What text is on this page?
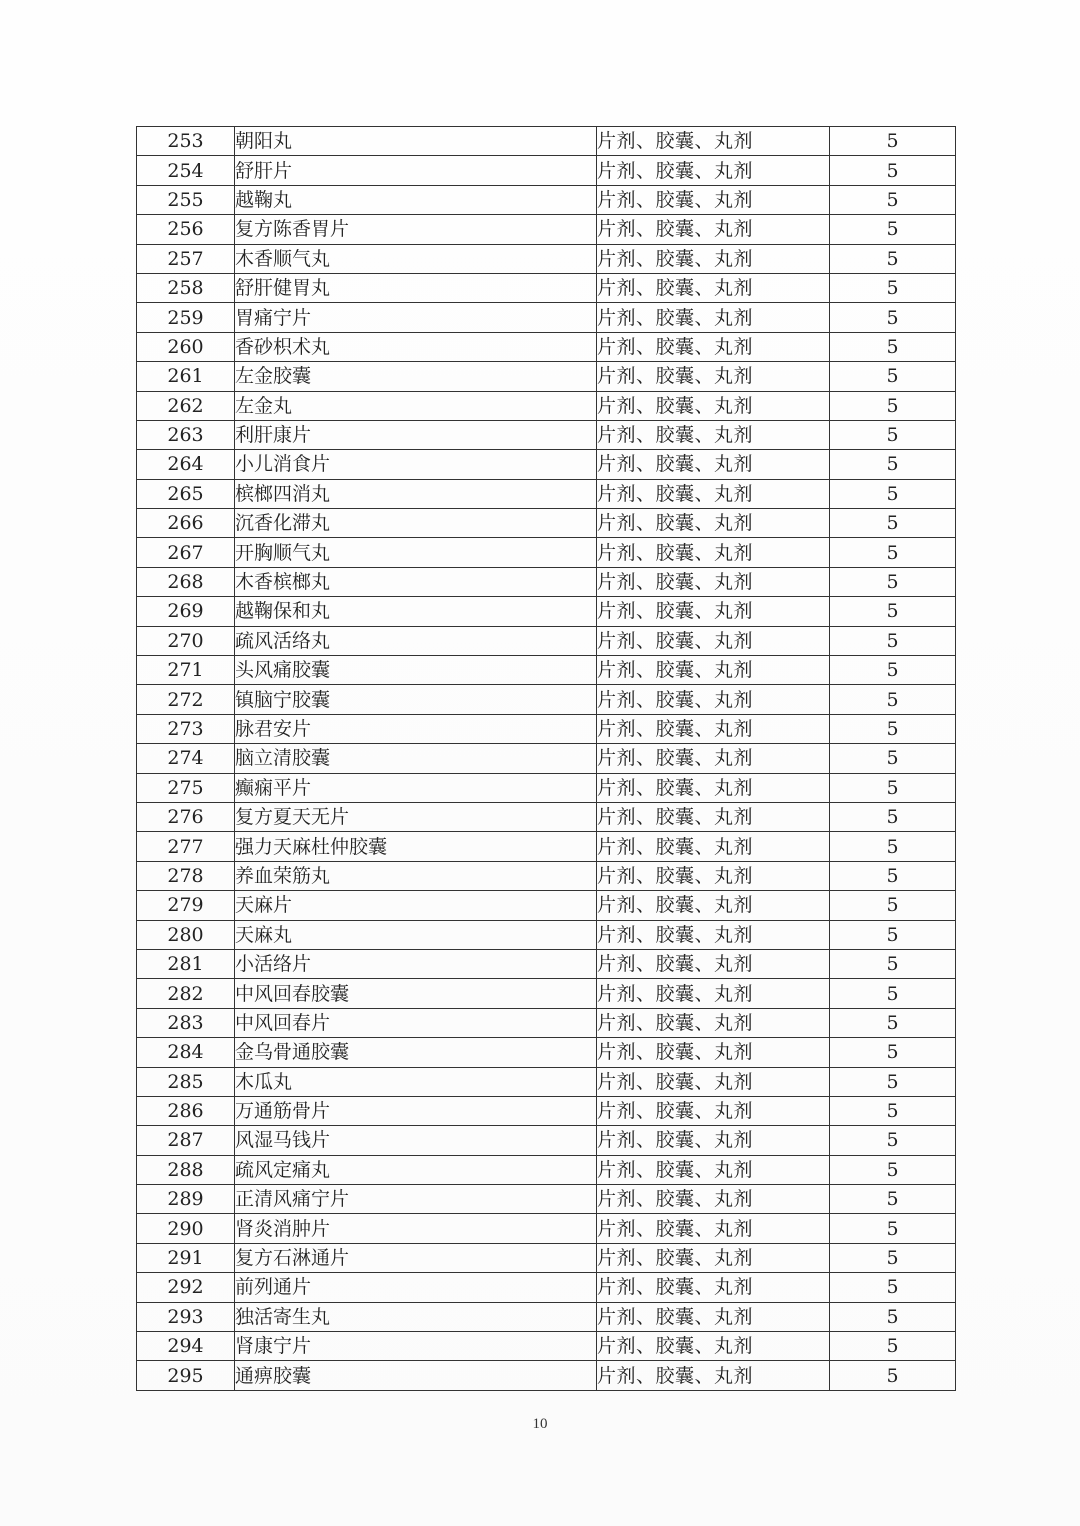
253	朝阳丸	片剂、胶囊、丸剂	5
254	舒肝片	片剂、胶囊、丸剂	5
255	越鞠丸	片剂、胶囊、丸剂	5
256	复方陈香胃片	片剂、胶囊、丸剂	5
257	木香顺气丸	片剂、胶囊、丸剂	5
258	舒肝健胃丸	片剂、胶囊、丸剂	5
259	胃痛宁片	片剂、胶囊、丸剂	5
260	香砂枳术丸	片剂、胶囊、丸剂	5
261	左金胶囊	片剂、胶囊、丸剂	5
262	左金丸	片剂、胶囊、丸剂	5
263	利肝康片	片剂、胶囊、丸剂	5
264	小儿消食片	片剂、胶囊、丸剂	5
265	槟榔四消丸	片剂、胶囊、丸剂	5
266	沉香化滞丸	片剂、胶囊、丸剂	5
267	开胸顺气丸	片剂、胶囊、丸剂	5
268	木香槟榔丸	片剂、胶囊、丸剂	5
269	越鞠保和丸	片剂、胶囊、丸剂	5
270	疏风活络丸	片剂、胶囊、丸剂	5
271	头风痛胶囊	片剂、胶囊、丸剂	5
272	镇脑宁胶囊	片剂、胶囊、丸剂	5
273	脉君安片	片剂、胶囊、丸剂	5
274	脑立清胶囊	片剂、胶囊、丸剂	5
275	癫痫平片	片剂、胶囊、丸剂	5
276	复方夏天无片	片剂、胶囊、丸剂	5
277	强力天麻杜仲胶囊	片剂、胶囊、丸剂	5
278	养血荣筋丸	片剂、胶囊、丸剂	5
279	天麻片	片剂、胶囊、丸剂	5
280	天麻丸	片剂、胶囊、丸剂	5
281	小活络片	片剂、胶囊、丸剂	5
282	中风回春胶囊	片剂、胶囊、丸剂	5
283	中风回春片	片剂、胶囊、丸剂	5
284	金乌骨通胶囊	片剂、胶囊、丸剂	5
285	木瓜丸	片剂、胶囊、丸剂	5
286	万通筋骨片	片剂、胶囊、丸剂	5
287	风湿马钱片	片剂、胶囊、丸剂	5
288	疏风定痛丸	片剂、胶囊、丸剂	5
289	正清风痛宁片	片剂、胶囊、丸剂	5
290	肾炎消肿片	片剂、胶囊、丸剂	5
291	复方石淋通片	片剂、胶囊、丸剂	5
292	前列通片	片剂、胶囊、丸剂	5
293	独活寄生丸	片剂、胶囊、丸剂	5
294	肾康宁片	片剂、胶囊、丸剂	5
295	通痹胶囊	片剂、胶囊、丸剂	5
10
